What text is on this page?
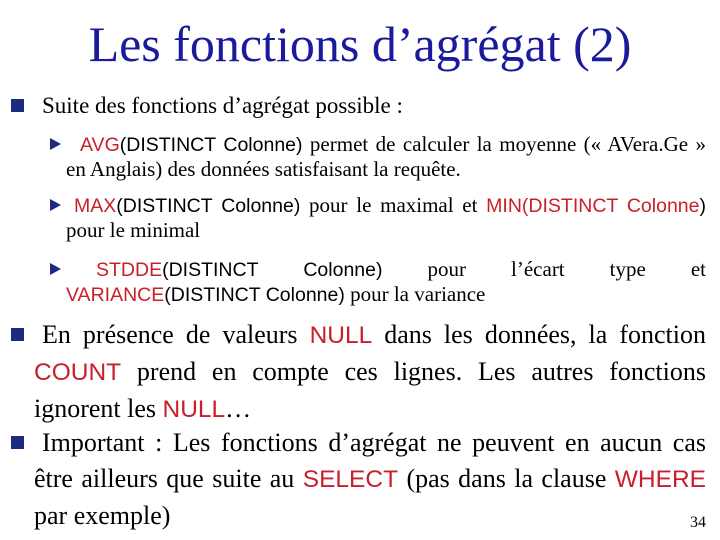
Les fonctions d’agrégat (2)
Suite des fonctions d’agrégat possible :
AVG(DISTINCT Colonne) permet de calculer la moyenne (« AVera.Ge » en Anglais) des données satisfaisant la requête.
MAX(DISTINCT Colonne) pour le maximal et MIN(DISTINCT Colonne) pour le minimal
STDDE(DISTINCT Colonne) pour l’écart type et VARIANCE(DISTINCT Colonne) pour la variance
En présence de valeurs NULL dans les données, la fonction COUNT prend en compte ces lignes. Les autres fonctions ignorent les NULL…
Important : Les fonctions d’agrégat ne peuvent en aucun cas être ailleurs que suite au SELECT (pas dans la clause WHERE par exemple)	34
